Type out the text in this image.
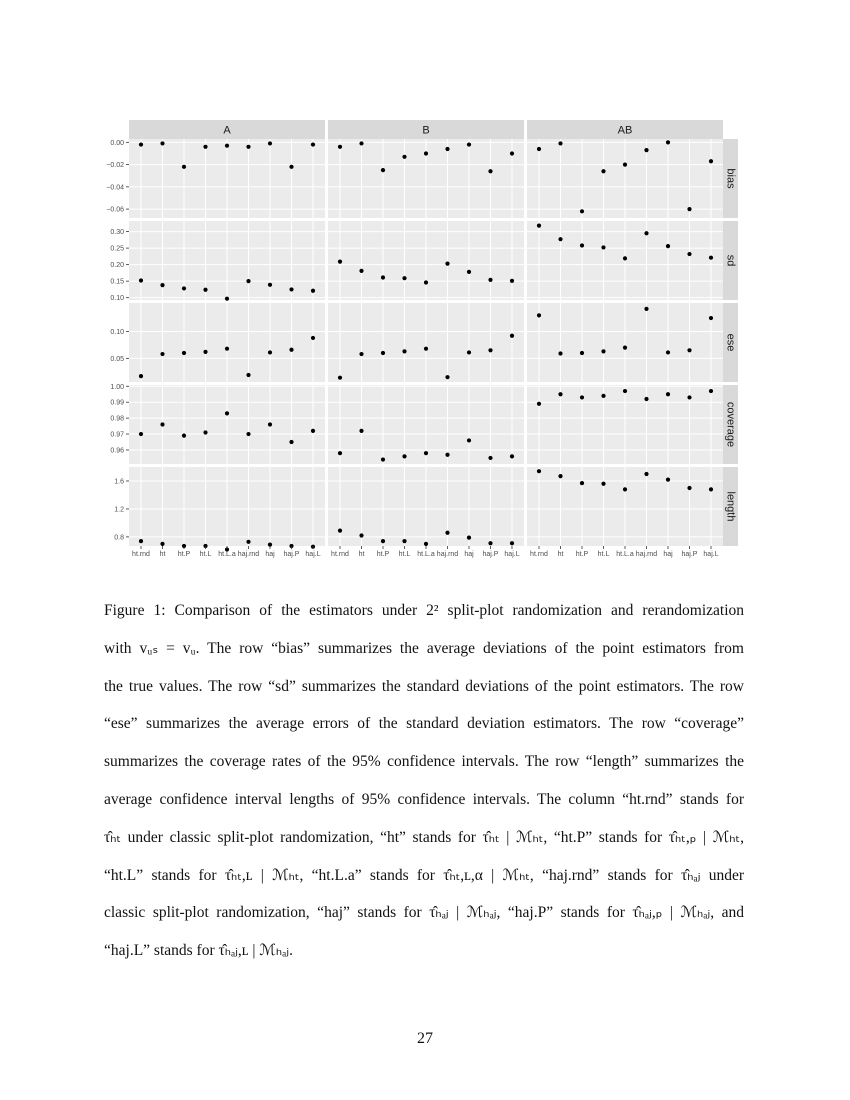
A	B	AB
bias
0.00
−0.02
−0.04
−0.06
sd
0.30
0.25
0.20
0.15
0.10
ese
0.10
0.05
coverage
1.00
0.99
0.98
0.97
0.96
length
1.6
1.2
0.8
ht.rnd ht ht.P ht.L ht.L.a haj.rnd haj haj.P haj.L ht.rnd ht ht.P ht.L ht.L.a haj.rnd haj haj.P haj.L ht.rnd ht ht.P ht.L ht.L.a haj.rnd haj haj.P haj.L
Figure 1: Comparison of the estimators under 2² split-plot randomization and rerandomization
with vᵤₛ = vᵤ. The row “bias” summarizes the average deviations of the point estimators from
the true values. The row “sd” summarizes the standard deviations of the point estimators. The row
“ese” summarizes the average errors of the standard deviation estimators. The row “coverage”
summarizes the coverage rates of the 95% confidence intervals. The row “length” summarizes the
average confidence interval lengths of 95% confidence intervals. The column “ht.rnd” stands for
τ̂ₕₜ under classic split-plot randomization, “ht” stands for τ̂ₕₜ | ℳₕₜ, “ht.P” stands for τ̂ₕₜ,ₚ | ℳₕₜ,
“ht.L” stands for τ̂ₕₜ,ʟ | ℳₕₜ, “ht.L.a” stands for τ̂ₕₜ,ʟ,α | ℳₕₜ, “haj.rnd” stands for τ̂ₕₐⱼ under
classic split-plot randomization, “haj” stands for τ̂ₕₐⱼ | ℳₕₐⱼ, “haj.P” stands for τ̂ₕₐⱼ,ₚ | ℳₕₐⱼ, and
“haj.L” stands for τ̂ₕₐⱼ,ʟ | ℳₕₐⱼ.
27
